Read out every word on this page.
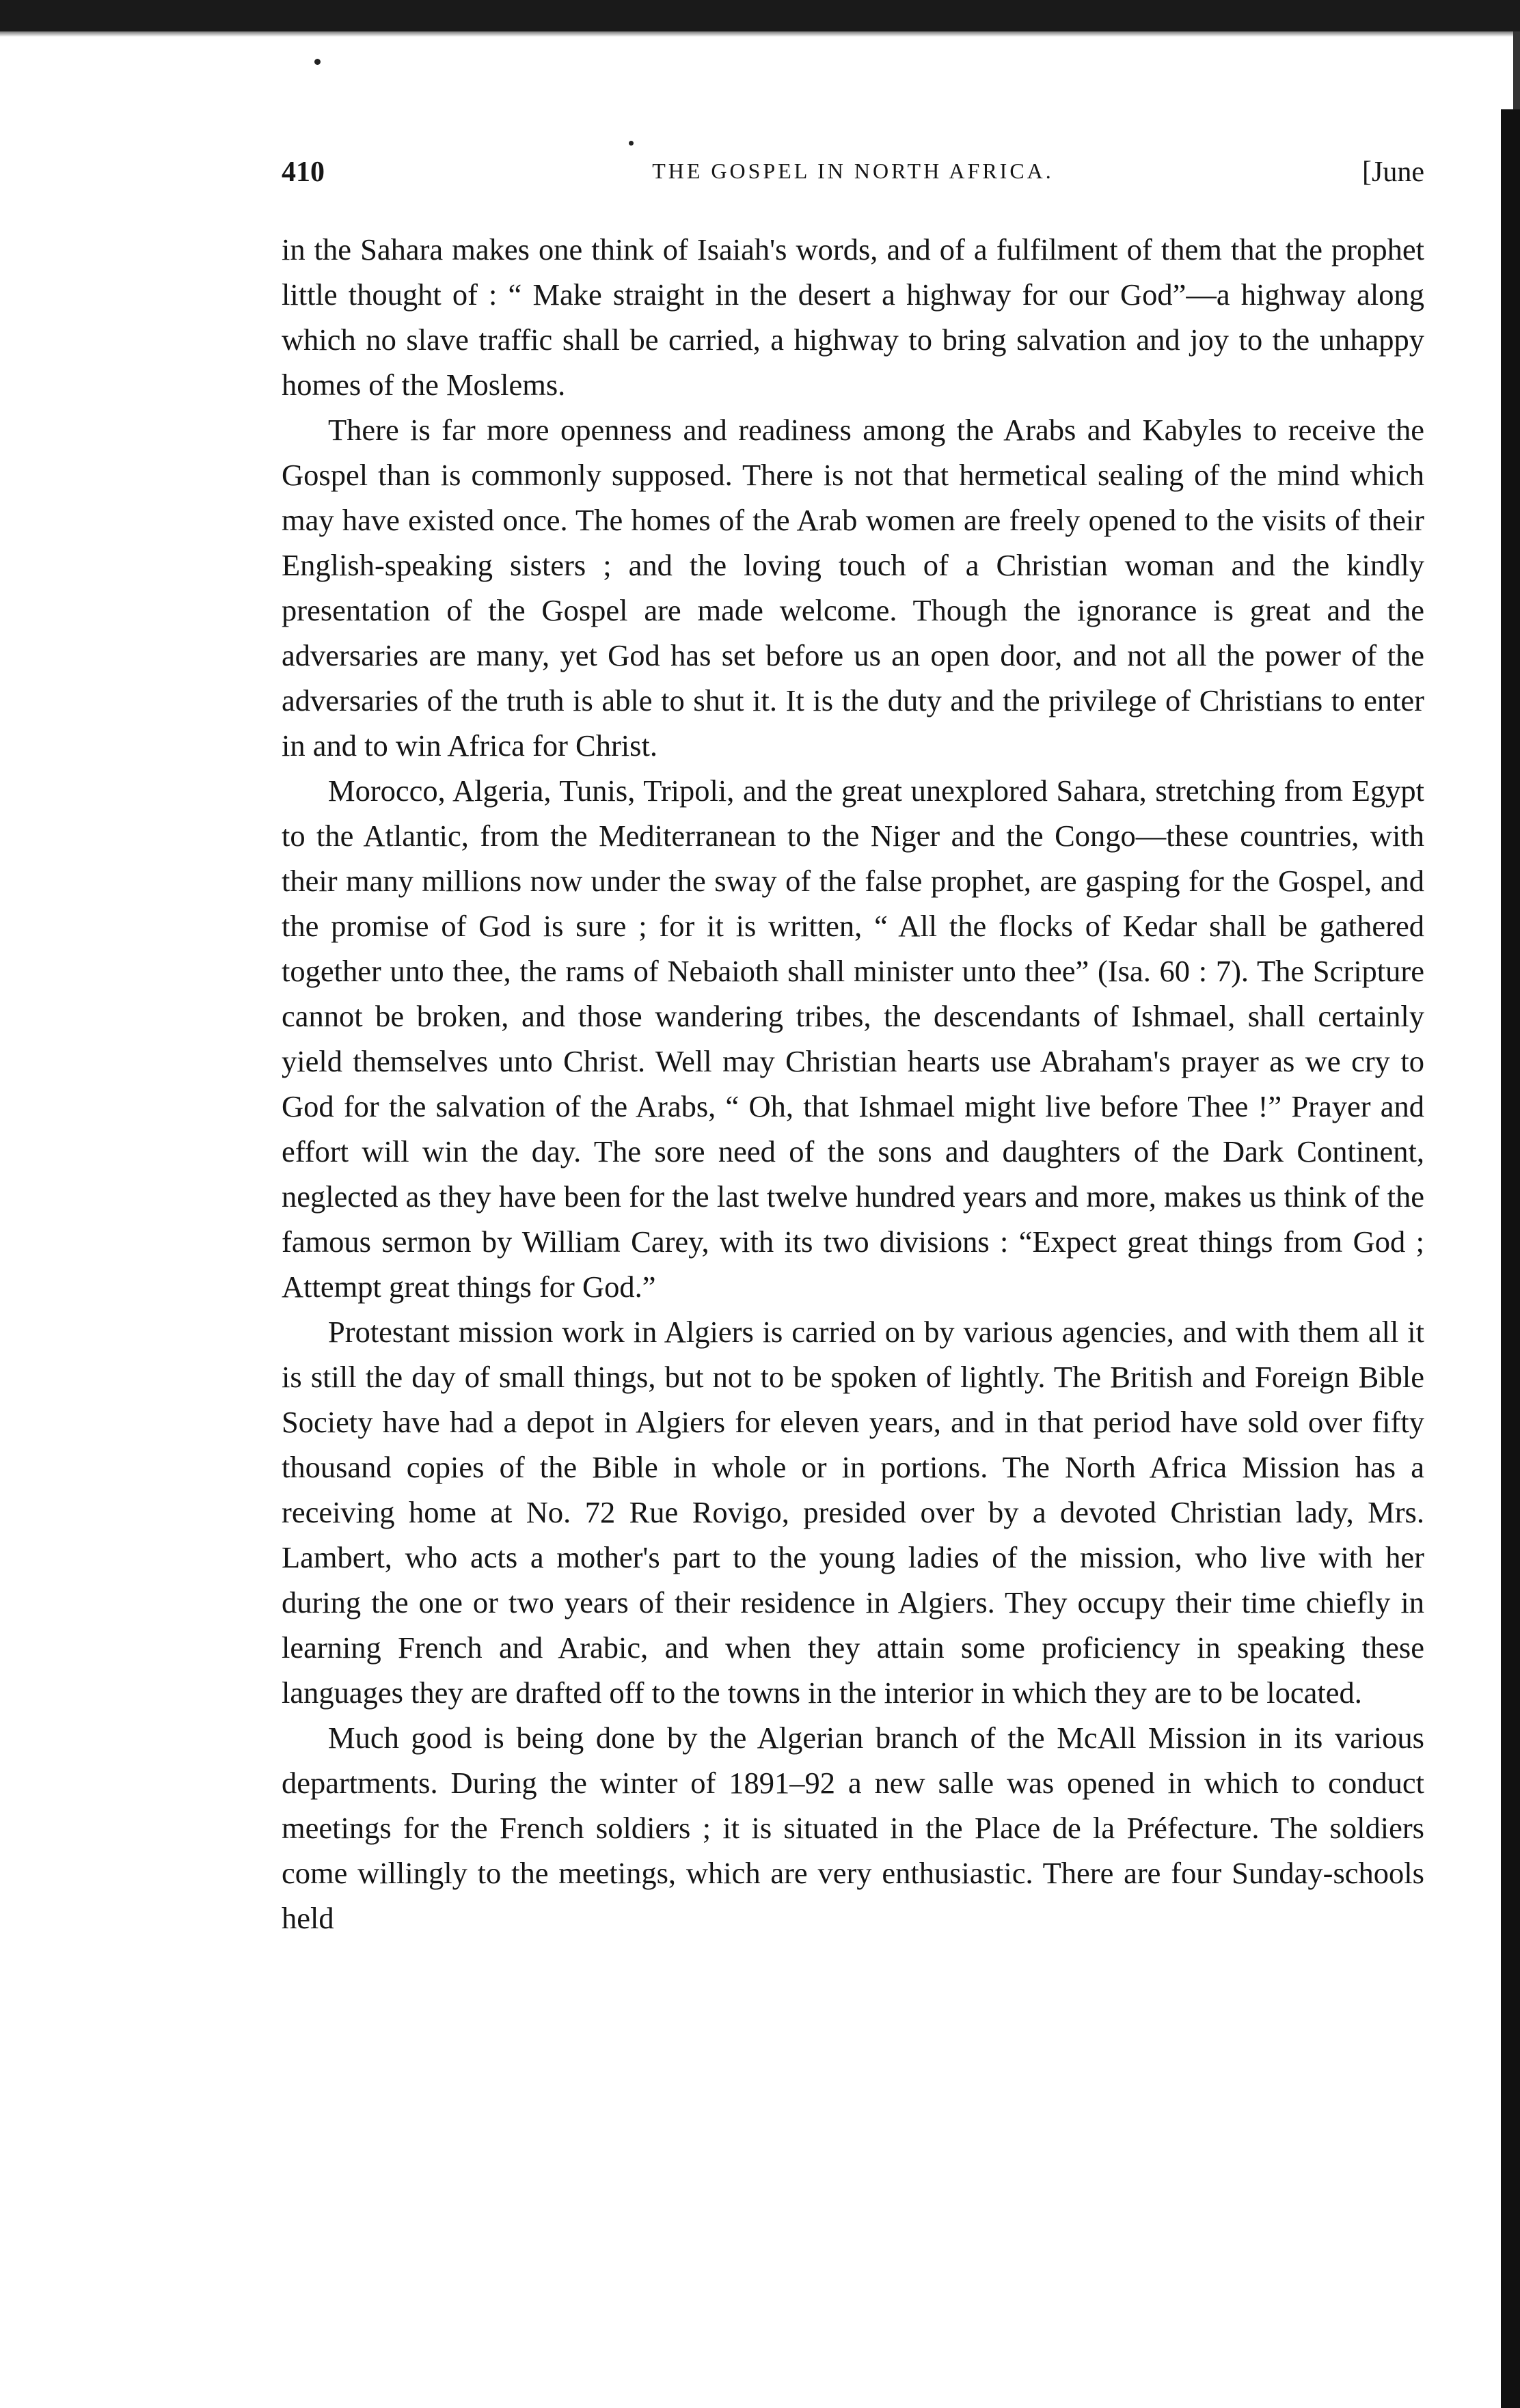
410	THE GOSPEL IN NORTH AFRICA.	[June

in the Sahara makes one think of Isaiah's words, and of a fulfilment of them that the prophet little thought of : “ Make straight in the desert a highway for our God”—a highway along which no slave traffic shall be carried, a highway to bring salvation and joy to the unhappy homes of the Moslems.

There is far more openness and readiness among the Arabs and Kabyles to receive the Gospel than is commonly supposed. There is not that hermetical sealing of the mind which may have existed once. The homes of the Arab women are freely opened to the visits of their English-speaking sisters ; and the loving touch of a Christian woman and the kindly presentation of the Gospel are made welcome. Though the ignorance is great and the adversaries are many, yet God has set before us an open door, and not all the power of the adversaries of the truth is able to shut it. It is the duty and the privilege of Christians to enter in and to win Africa for Christ.

Morocco, Algeria, Tunis, Tripoli, and the great unexplored Sahara, stretching from Egypt to the Atlantic, from the Mediterranean to the Niger and the Congo—these countries, with their many millions now under the sway of the false prophet, are gasping for the Gospel, and the promise of God is sure ; for it is written, “ All the flocks of Kedar shall be gathered together unto thee, the rams of Nebaioth shall minister unto thee” (Isa. 60 : 7). The Scripture cannot be broken, and those wandering tribes, the descendants of Ishmael, shall certainly yield themselves unto Christ. Well may Christian hearts use Abraham's prayer as we cry to God for the salvation of the Arabs, “ Oh, that Ishmael might live before Thee !” Prayer and effort will win the day. The sore need of the sons and daughters of the Dark Continent, neglected as they have been for the last twelve hundred years and more, makes us think of the famous sermon by William Carey, with its two divisions : “Expect great things from God ; Attempt great things for God.”

Protestant mission work in Algiers is carried on by various agencies, and with them all it is still the day of small things, but not to be spoken of lightly. The British and Foreign Bible Society have had a depot in Algiers for eleven years, and in that period have sold over fifty thousand copies of the Bible in whole or in portions. The North Africa Mission has a receiving home at No. 72 Rue Rovigo, presided over by a devoted Christian lady, Mrs. Lambert, who acts a mother's part to the young ladies of the mission, who live with her during the one or two years of their residence in Algiers. They occupy their time chiefly in learning French and Arabic, and when they attain some proficiency in speaking these languages they are drafted off to the towns in the interior in which they are to be located.

Much good is being done by the Algerian branch of the McAll Mission in its various departments. During the winter of 1891–92 a new salle was opened in which to conduct meetings for the French soldiers ; it is situated in the Place de la Préfecture. The soldiers come willingly to the meetings, which are very enthusiastic. There are four Sunday-schools held
